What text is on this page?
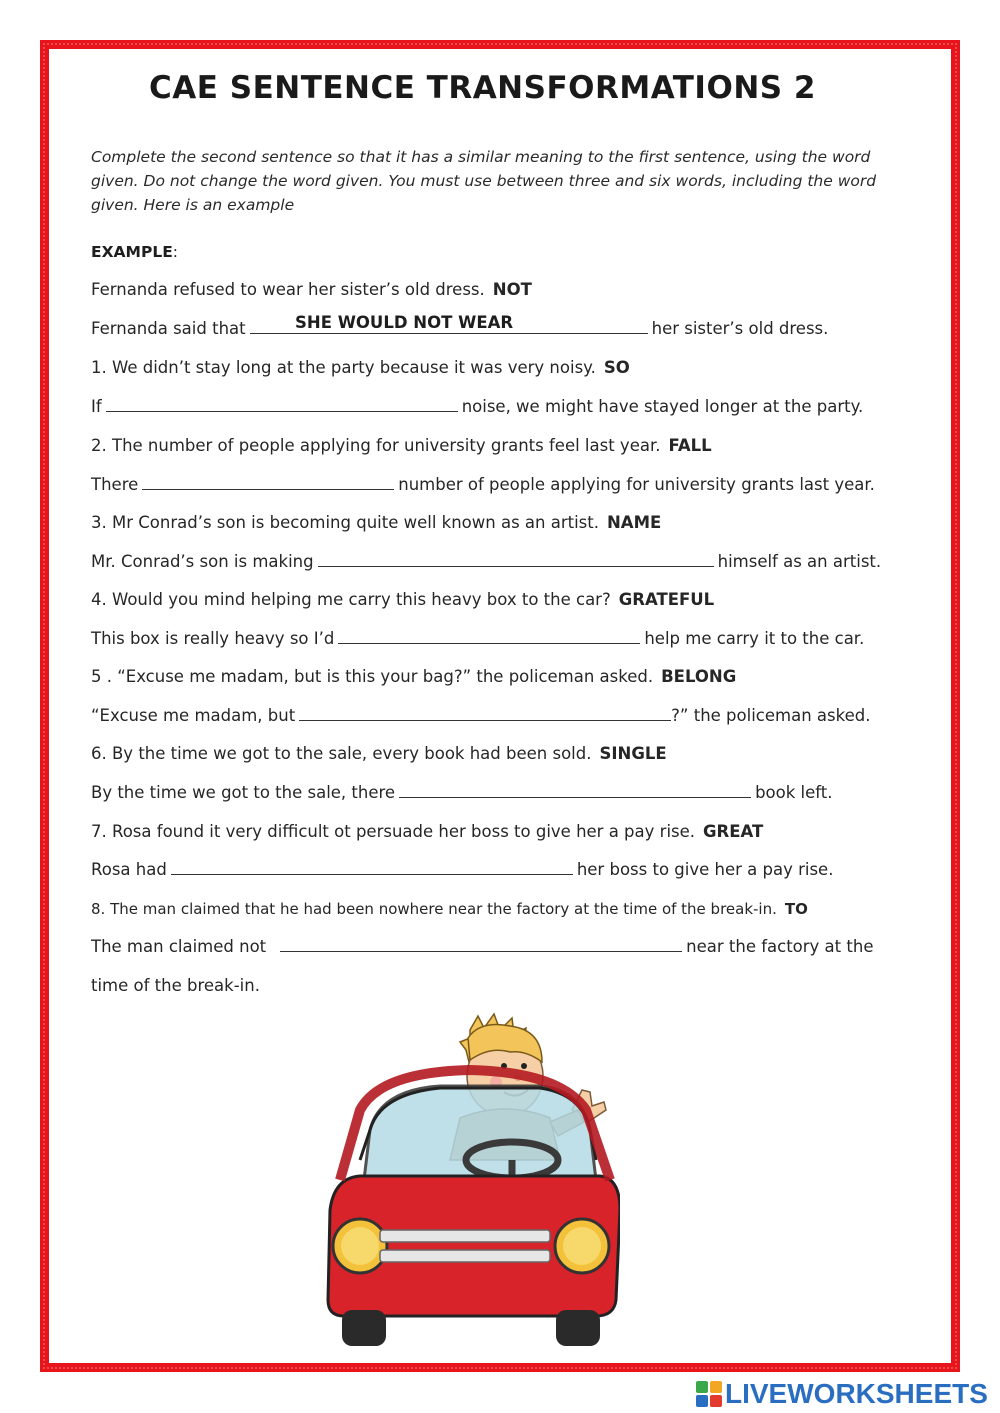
CAE SENTENCE TRANSFORMATIONS 2
Complete the second sentence so that it has a similar meaning to the first sentence, using the word given. Do not change the word given. You must use between three and six words, including the word given. Here is an example
EXAMPLE:
Fernanda refused to wear her sister’s old dress. NOT
Fernanda said that	her sister’s old dress.
SHE WOULD NOT WEAR
1. We didn’t stay long at the party because it was very noisy. SO
If	noise, we might have stayed longer at the party.
2. The number of people applying for university grants feel last year. FALL
There	number of people applying for university grants last year.
3. Mr Conrad’s son is becoming quite well known as an artist. NAME
Mr. Conrad’s son is making	himself as an artist.
4. Would you mind helping me carry this heavy box to the car? GRATEFUL
This box is really heavy so I’d	help me carry it to the car.
5 . “Excuse me madam, but is this your bag?” the policeman asked. BELONG
“Excuse me madam, but	?” the policeman asked.
6. By the time we got to the sale, every book had been sold. SINGLE
By the time we got to the sale, there	book left.
7. Rosa found it very difficult ot persuade her boss to give her a pay rise. GREAT
Rosa had	her boss to give her a pay rise.
8. The man claimed that he had been nowhere near the factory at the time of the break-in. TO
The man claimed not	near the factory at the
time of the break-in.
LIVEWORKSHEETS
